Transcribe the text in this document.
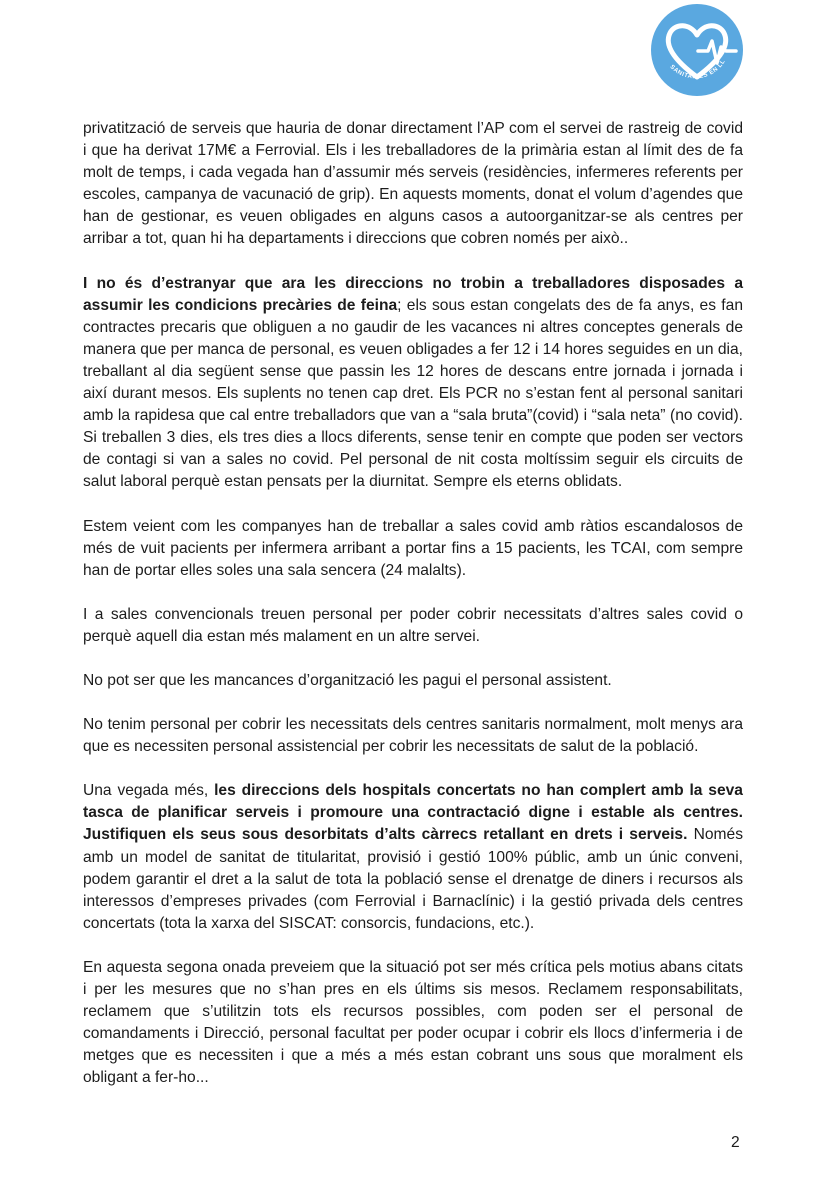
SANITARIES EN LL

privatització de serveis que hauria de donar directament l’AP com el servei de rastreig de covid i que ha derivat 17M€ a Ferrovial. Els i les treballadores de la primària estan al límit des de fa molt de temps, i cada vegada han d’assumir més serveis (residències, infermeres referents per escoles, campanya de vacunació de grip). En aquests moments, donat el volum d’agendes que han de gestionar, es veuen obligades en alguns casos a autoorganitzar-se als centres per arribar a tot, quan hi ha departaments i direccions que cobren només per això..

I no és d’estranyar que ara les direccions no trobin a treballadores disposades a assumir les condicions precàries de feina; els sous estan congelats des de fa anys, es fan contractes precaris que obliguen a no gaudir de les vacances ni altres conceptes generals de manera que per manca de personal, es veuen obligades a fer 12 i 14 hores seguides en un dia, treballant al dia següent sense que passin les 12 hores de descans entre jornada i jornada i així durant mesos. Els suplents no tenen cap dret. Els PCR no s’estan fent al personal sanitari amb la rapidesa que cal entre treballadors que van a “sala bruta”(covid) i “sala neta” (no covid). Si treballen 3 dies, els tres dies a llocs diferents, sense tenir en compte que poden ser vectors de contagi si van a sales no covid. Pel personal de nit costa moltíssim seguir els circuits de salut laboral perquè estan pensats per la diurnitat. Sempre els eterns oblidats.

Estem veient com les companyes han de treballar a sales covid amb ràtios escandalosos de més de vuit pacients per infermera arribant a portar fins a 15 pacients, les TCAI, com sempre han de portar elles soles una sala sencera (24 malalts).

I a sales convencionals treuen personal per poder cobrir necessitats d’altres sales covid o perquè aquell dia estan més malament en un altre servei.

No pot ser que les mancances d’organització les pagui el personal assistent.

No tenim personal per cobrir les necessitats dels centres sanitaris normalment, molt menys ara que es necessiten personal assistencial per cobrir les necessitats de salut de la població.

Una vegada més, les direccions dels hospitals concertats no han complert amb la seva tasca de planificar serveis i promoure una contractació digne i estable als centres. Justifiquen els seus sous desorbitats d’alts càrrecs retallant en drets i serveis. Només amb un model de sanitat de titularitat, provisió i gestió 100% públic, amb un únic conveni, podem garantir el dret a la salut de tota la població sense el drenatge de diners i recursos als interessos d’empreses privades (com Ferrovial i Barnaclínic) i la gestió privada dels centres concertats (tota la xarxa del SISCAT: consorcis, fundacions, etc.).

En aquesta segona onada preveiem que la situació pot ser més crítica pels motius abans citats i per les mesures que no s’han pres en els últims sis mesos. Reclamem responsabilitats, reclamem que s’utilitzin tots els recursos possibles, com poden ser el personal de comandaments i Direcció, personal facultat per poder ocupar i cobrir els llocs d’infermeria i de metges que es necessiten i que a més a més estan cobrant uns sous que moralment els obligant a fer-ho...

2
